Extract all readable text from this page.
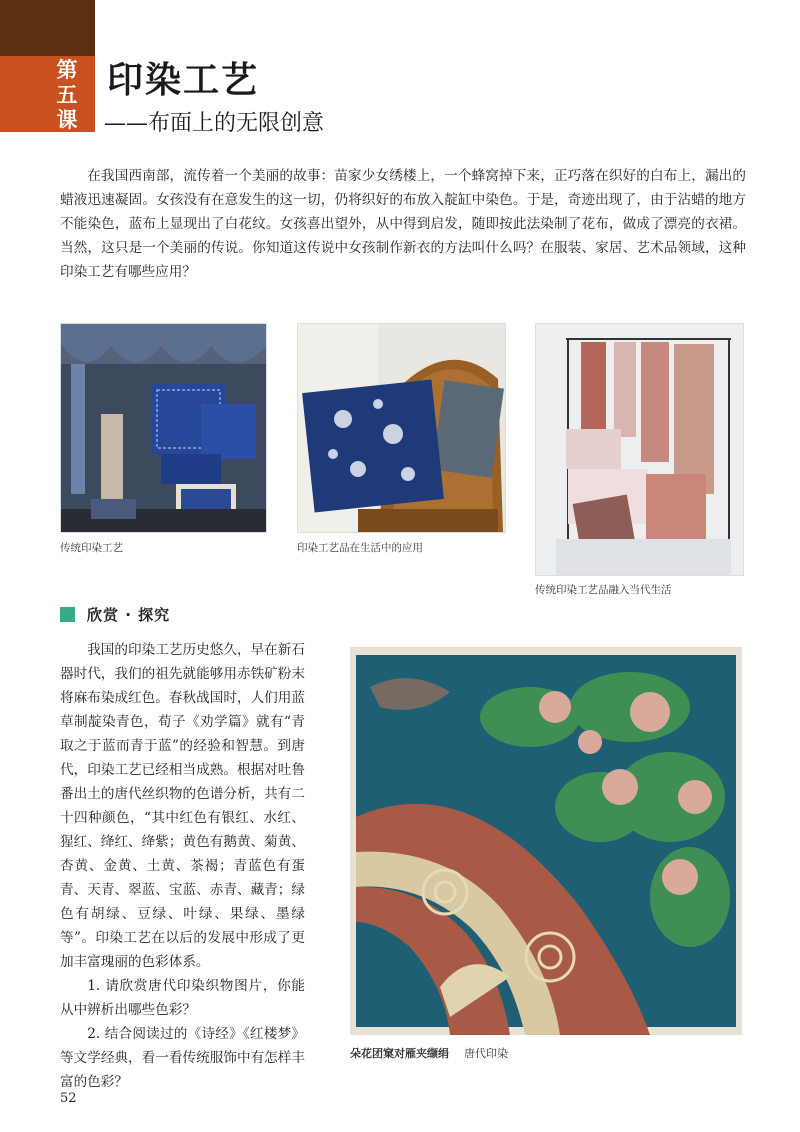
第五课
印染工艺
——布面上的无限创意
在我国西南部，流传着一个美丽的故事：苗家少女绣楼上，一个蜂窝掉下来，正巧落在织好的白布上，漏出的蜡液迅速凝固。女孩没有在意发生的这一切，仍将织好的布放入靛缸中染色。于是，奇迹出现了，由于沾蜡的地方不能染色，蓝布上显现出了白花纹。女孩喜出望外，从中得到启发，随即按此法染制了花布，做成了漂亮的衣裙。当然，这只是一个美丽的传说。你知道这传说中女孩制作新衣的方法叫什么吗？在服装、家居、艺术品领域，这种印染工艺有哪些应用？
传统印染工艺	印染工艺品在生活中的应用
传统印染工艺品融入当代生活
欣赏 · 探究

我国的印染工艺历史悠久，早在新石器时代，我们的祖先就能够用赤铁矿粉末将麻布染成红色。春秋战国时，人们用蓝草制靛染青色，荀子《劝学篇》就有“青取之于蓝而青于蓝”的经验和智慧。到唐代，印染工艺已经相当成熟。根据对吐鲁番出土的唐代丝织物的色谱分析，共有二十四种颜色，“其中红色有银红、水红、猩红、绛红、绛紫；黄色有鹅黄、菊黄、杏黄、金黄、土黄、茶褐；青蓝色有蛋青、天青、翠蓝、宝蓝、赤青、藏青；绿色有胡绿、豆绿、叶绿、果绿、墨绿等”。印染工艺在以后的发展中形成了更加丰富瑰丽的色彩体系。

1. 请欣赏唐代印染织物图片，你能从中辨析出哪些色彩？

2. 结合阅读过的《诗经》《红楼梦》等文学经典，看一看传统服饰中有怎样丰富的色彩？

朵花团窠对雁夹缬绢 唐代印染
52
